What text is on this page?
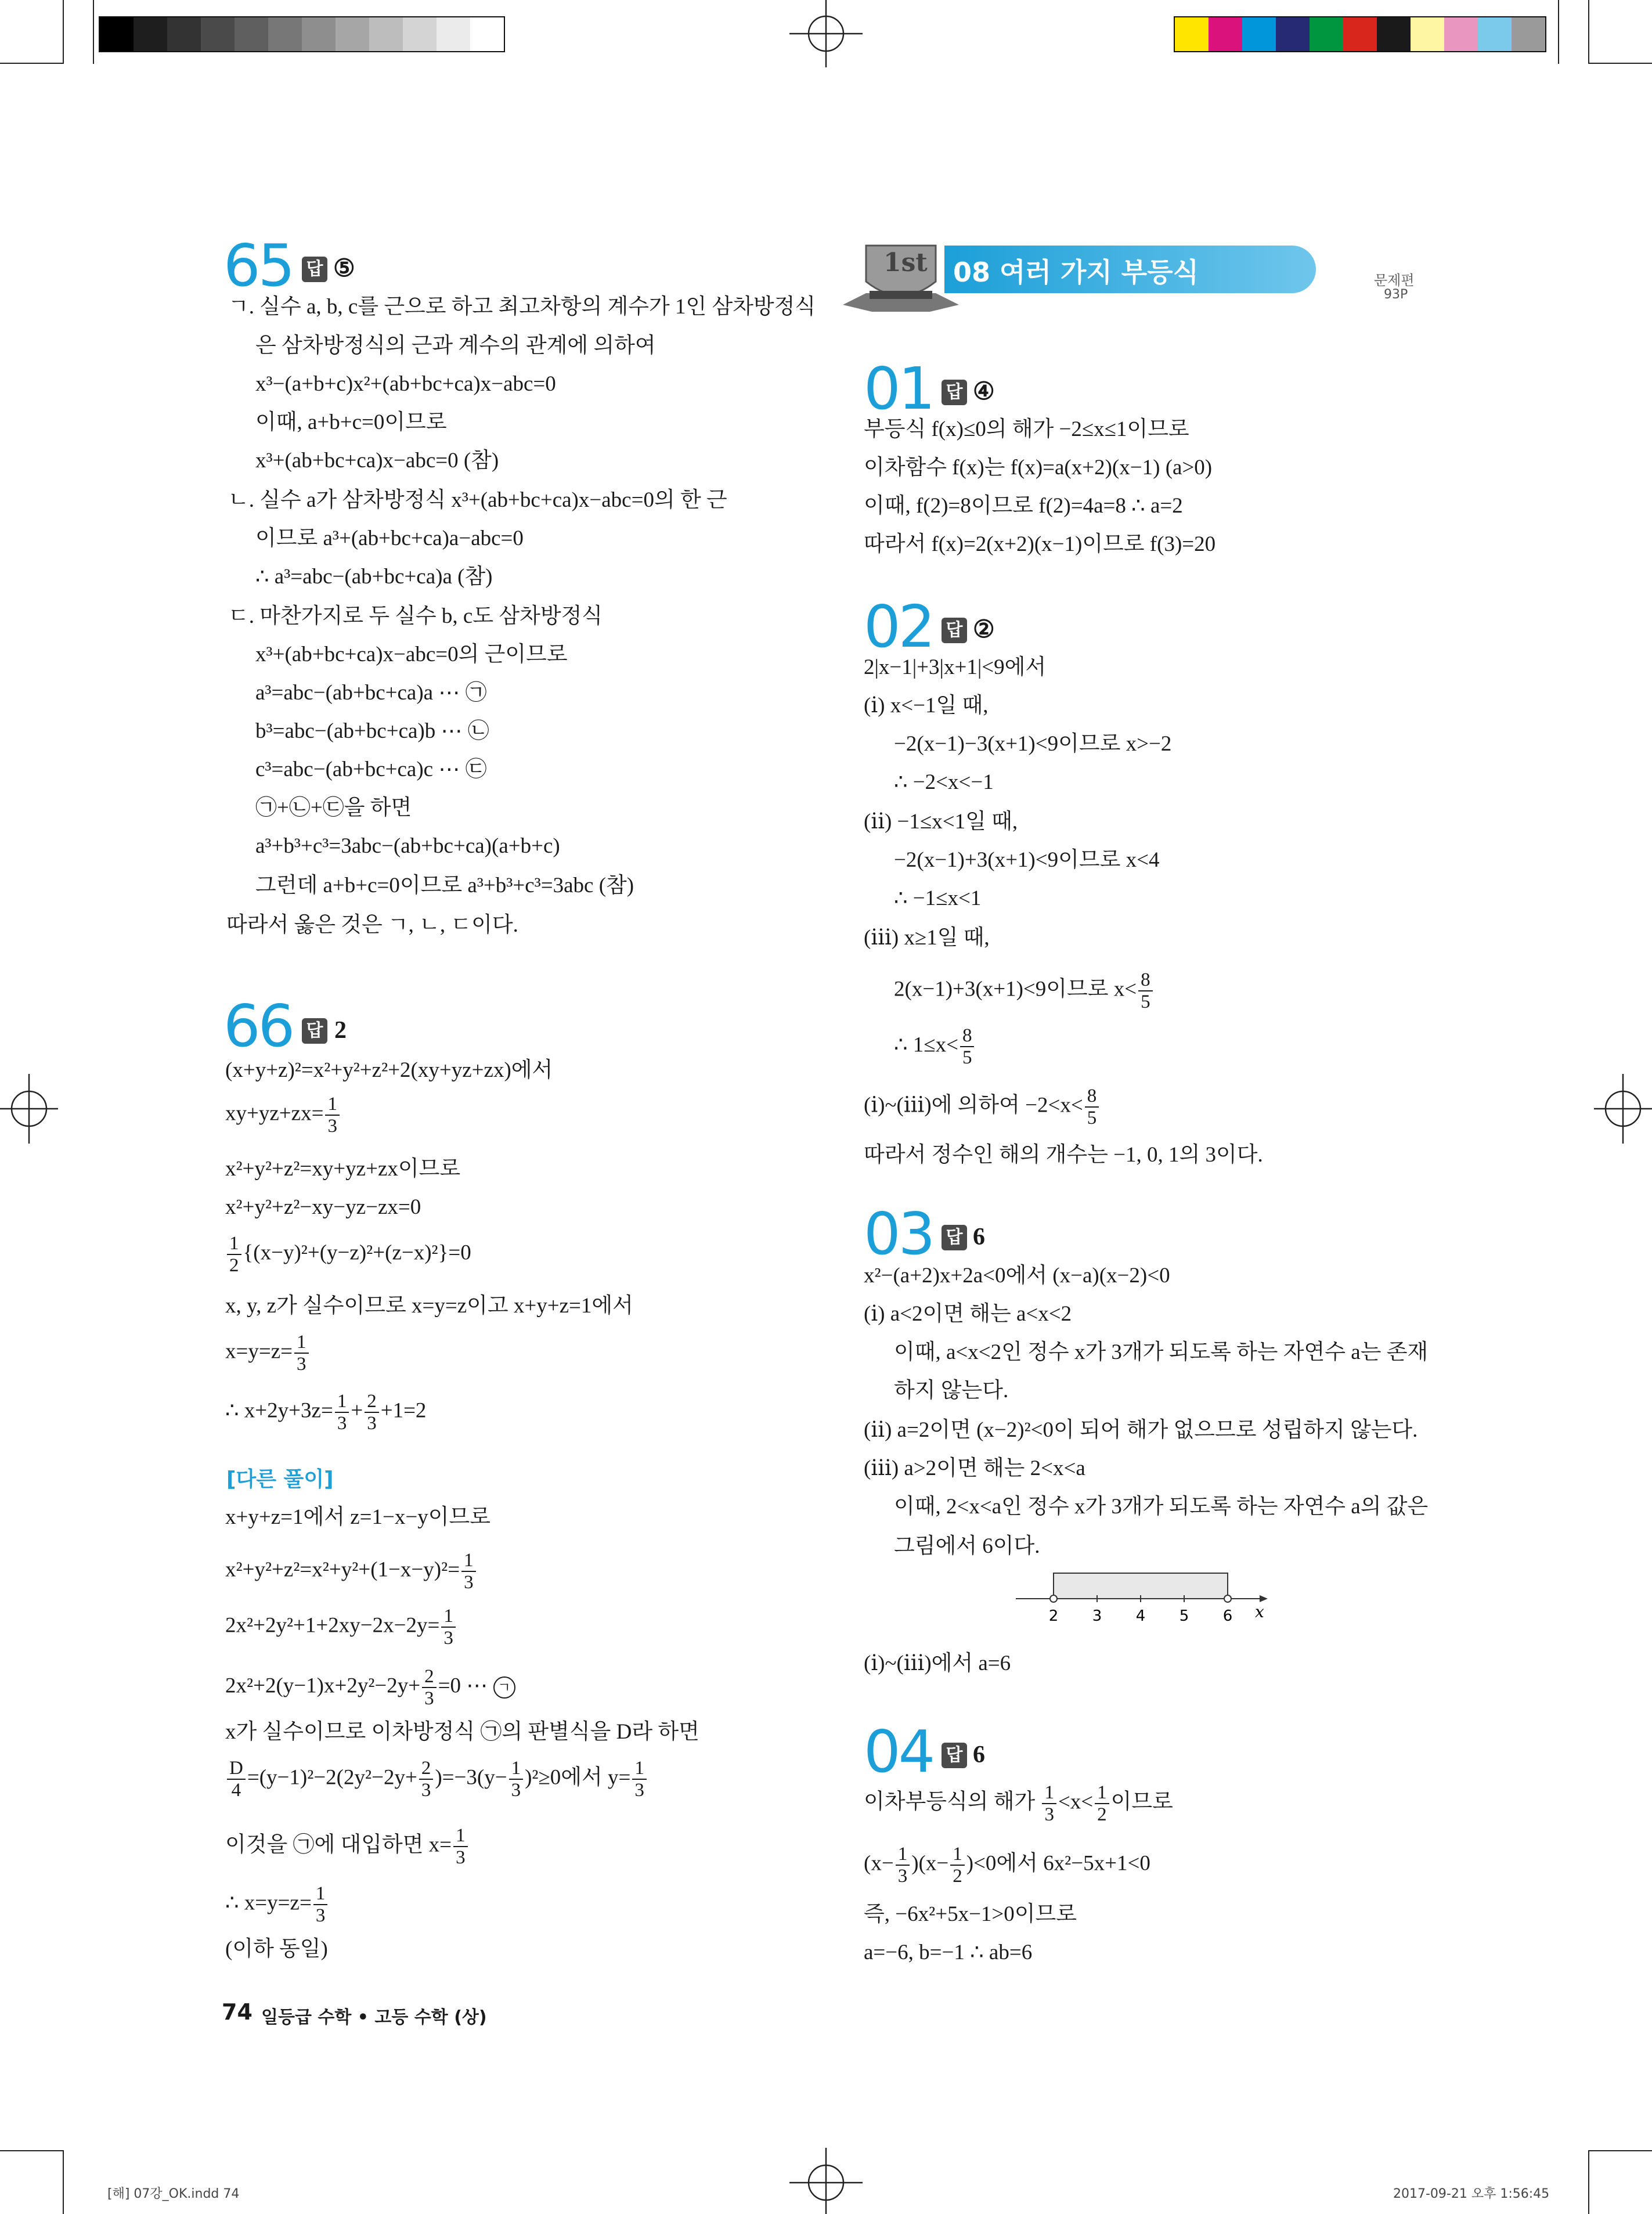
1st 08 여러 가지 부등식	문제편
93P
65 답 ⑤
ㄱ. 실수 a, b, c를 근으로 하고 최고차항의 계수가 1인 삼차방정식
은 삼차방정식의 근과 계수의 관계에 의하여
x³−(a+b+c)x²+(ab+bc+ca)x−abc=0
이때, a+b+c=0이므로
x³+(ab+bc+ca)x−abc=0 (참)
ㄴ. 실수 a가 삼차방정식 x³+(ab+bc+ca)x−abc=0의 한 근
이므로 a³+(ab+bc+ca)a−abc=0
∴ a³=abc−(ab+bc+ca)a (참)
ㄷ. 마찬가지로 두 실수 b, c도 삼차방정식
x³+(ab+bc+ca)x−abc=0의 근이므로
a³=abc−(ab+bc+ca)a ⋯ ㉠
b³=abc−(ab+bc+ca)b ⋯ ㉡
c³=abc−(ab+bc+ca)c ⋯ ㉢
㉠+㉡+㉢을 하면
a³+b³+c³=3abc−(ab+bc+ca)(a+b+c)
그런데 a+b+c=0이므로 a³+b³+c³=3abc (참)
따라서 옳은 것은 ㄱ, ㄴ, ㄷ이다.
66 답 2
(x+y+z)²=x²+y²+z²+2(xy+yz+zx)에서
$xy+yz+zx= \frac{1}{3}$
x²+y²+z²=xy+yz+zx이므로
x²+y²+z²−xy−yz−zx=0
$\frac{1}{2} \{(x-y)^2+(y-z)^2+(z-x)^2\}=0$
x, y, z가 실수이므로 x=y=z이고 x+y+z=1에서
$x=y=z= \frac{1}{3}$
∴ $x+2y+3z= \frac{1}{3} + \frac{2}{3} +1=2$
[다른 풀이]
x+y+z=1에서 z=1−x−y이므로
$x^2+y^2+z^2=x^2+y^2+(1-x-y)^2= \frac{1}{3}$
$2x^2+2y^2+1+2xy-2x-2y= \frac{1}{3}$
$2x^2+2(y-1)x+2y^2-2y+ \frac{2}{3} =0$ ⋯ ㄱ
x가 실수이므로 이차방정식 ㉠의 판별식을 D라 하면
$\frac{D}{4} =(y-1)^2-2(2y^2-2y+ \frac{2}{3} )=-3(y- \frac{1}{3} )^2\ge 0$에서 $y= \frac{1}{3}$
이것을 ㉠에 대입하면 $x= \frac{1}{3}$
∴ $x=y=z= \frac{1}{3}$
(이하 동일)
01 답 ④
부등식 f(x)≤0의 해가 −2≤x≤1이므로
이차함수 f(x)는 f(x)=a(x+2)(x−1) (a>0)
이때, f(2)=8이므로 f(2)=4a=8 ∴ a=2
따라서 f(x)=2(x+2)(x−1)이므로 f(3)=20
02 답 ②
2|x−1|+3|x+1|<9에서
(ⅰ) x<−1일 때,
−2(x−1)−3(x+1)<9이므로 x>−2
∴ −2<x<−1
(ⅱ) −1≤x<1일 때,
−2(x−1)+3(x+1)<9이므로 x<4
∴ −1≤x<1
(ⅲ) x≥1일 때,
2(x−1)+3(x+1)<9이므로 $x< \frac{8}{5}$
∴ $1\le x< \frac{8}{5}$
(ⅰ)~(ⅲ)에 의하여 $-2<x< \frac{8}{5}$
따라서 정수인 해의 개수는 −1, 0, 1의 3이다.
03 답 6
x²−(a+2)x+2a<0에서 (x−a)(x−2)<0
(ⅰ) a<2이면 해는 a<x<2
이때, a<x<2인 정수 x가 3개가 되도록 하는 자연수 a는 존재
하지 않는다.
(ⅱ) a=2이면 (x−2)²<0이 되어 해가 없으므로 성립하지 않는다.
(ⅲ) a>2이면 해는 2<x<a
이때, 2<x<a인 정수 x가 3개가 되도록 하는 자연수 a의 값은
그림에서 6이다.
2 3 4 5 6 x
(ⅰ)~(ⅲ)에서 a=6
04 답 6
이차부등식의 해가 $\frac{1}{3} <x< \frac{1}{2}$ 이므로
$(x- \frac{1}{3} )(x- \frac{1}{2} )<0$에서 6x²−5x+1<0
즉, −6x²+5x−1>0이므로
a=−6, b=−1 ∴ ab=6
74 일등급 수학 • 고등 수학 (상)
[해] 07강_OK.indd 74	2017-09-21 오후 1:56:45
